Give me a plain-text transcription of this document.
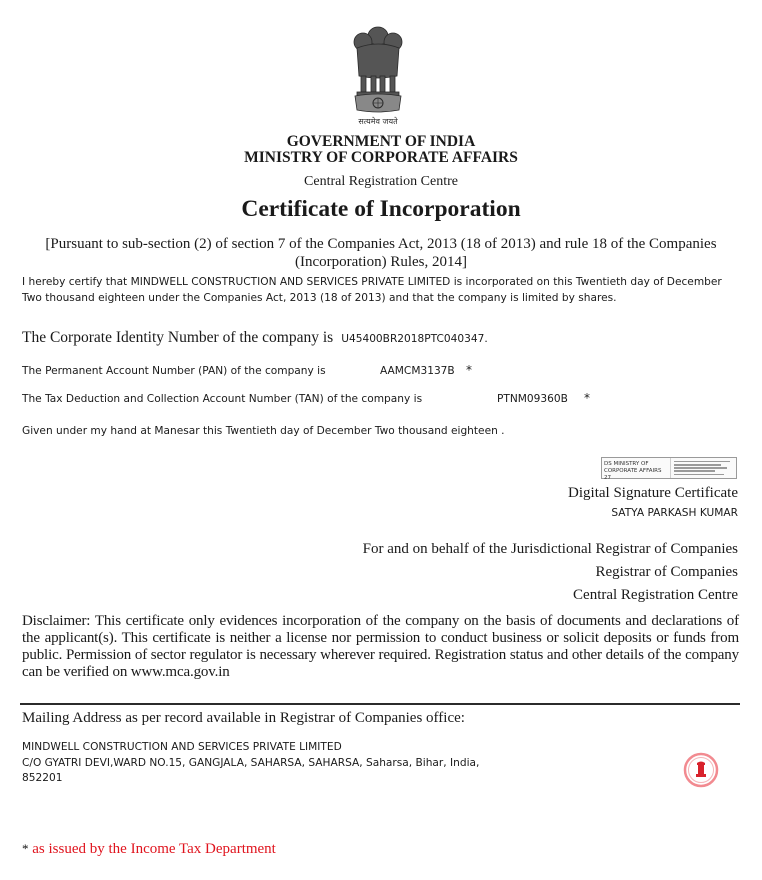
सत्यमेव जयते
GOVERNMENT OF INDIA
MINISTRY OF CORPORATE AFFAIRS
Central Registration Centre
Certificate of Incorporation
[Pursuant to sub-section (2) of section 7 of the Companies Act, 2013 (18 of 2013) and rule 18 of the Companies
(Incorporation) Rules, 2014]
I hereby certify that MINDWELL CONSTRUCTION AND SERVICES PRIVATE LIMITED is incorporated on this Twentieth day of December Two thousand eighteen under the Companies Act, 2013 (18 of 2013) and that the company is limited by shares.
The Corporate Identity Number of the company is U45400BR2018PTC040347.
The Permanent Account Number (PAN) of the company is	AAMCM3137B *
The Tax Deduction and Collection Account Number (TAN) of the company is	PTNM09360B *
Given under my hand at Manesar this Twentieth day of December Two thousand eighteen .
DS MINISTRY OF CORPORATE AFFAIRS 27
Digital Signature Certificate
SATYA PARKASH KUMAR
For and on behalf of the Jurisdictional Registrar of Companies
Registrar of Companies
Central Registration Centre
Disclaimer: This certificate only evidences incorporation of the company on the basis of documents and declarations of the applicant(s). This certificate is neither a license nor permission to conduct business or solicit deposits or funds from public. Permission of sector regulator is necessary wherever required. Registration status and other details of the company can be verified on www.mca.gov.in
Mailing Address as per record available in Registrar of Companies office:
MINDWELL CONSTRUCTION AND SERVICES PRIVATE LIMITED
C/O GYATRI DEVI,WARD NO.15, GANGJALA, SAHARSA, SAHARSA, Saharsa, Bihar, India,
852201
* as issued by the Income Tax Department
